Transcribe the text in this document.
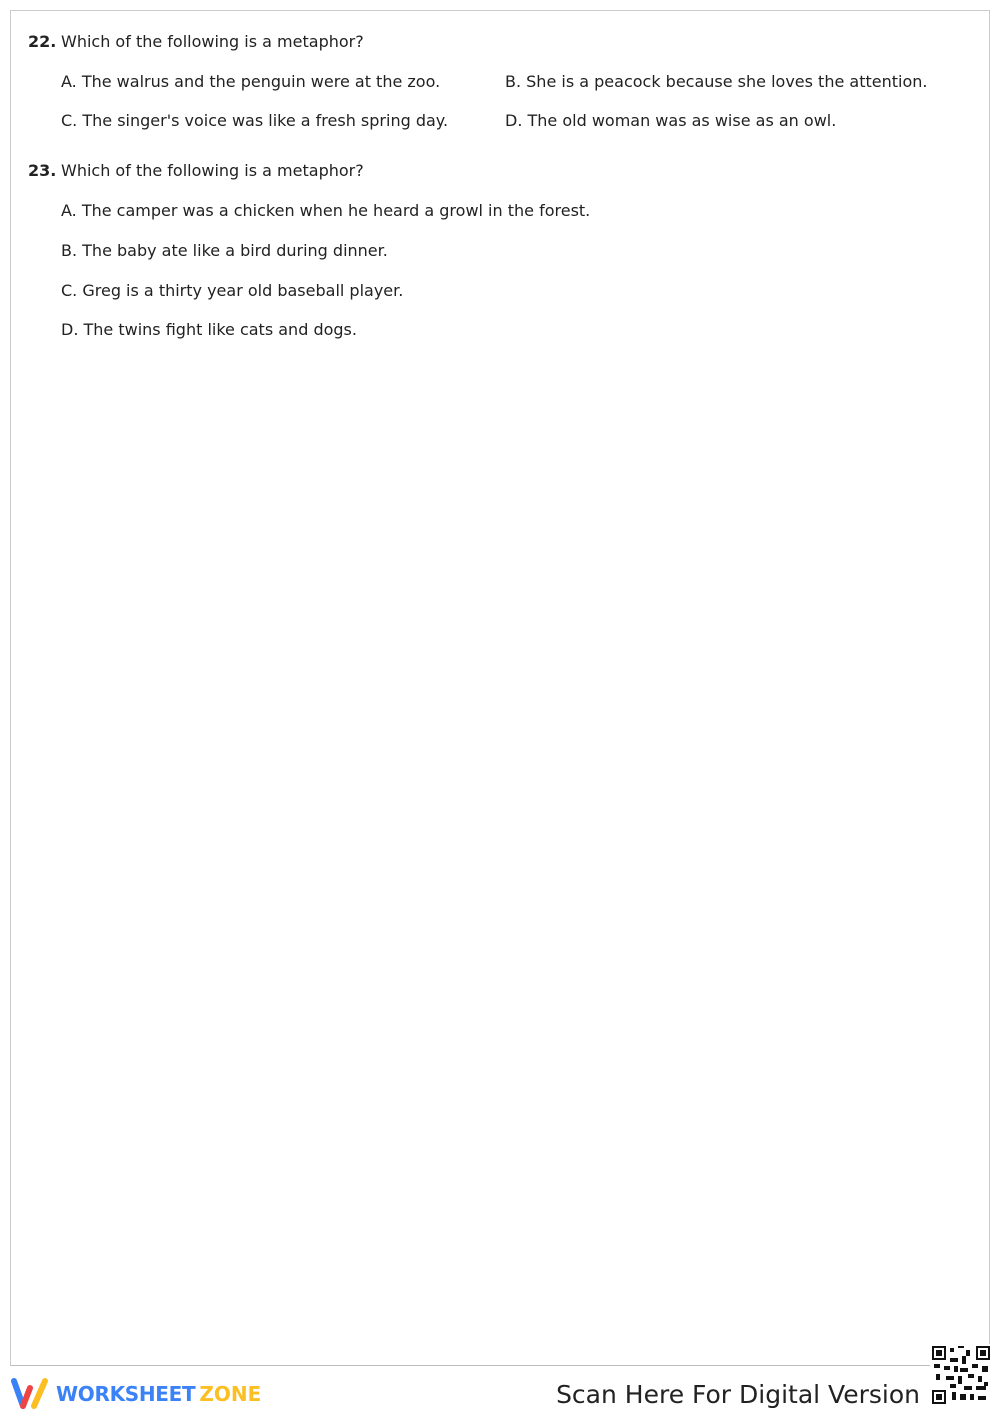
22. Which of the following is a metaphor?
A. The walrus and the penguin were at the zoo.	B. She is a peacock because she loves the attention.
C. The singer's voice was like a fresh spring day.	D. The old woman was as wise as an owl.
23. Which of the following is a metaphor?
A. The camper was a chicken when he heard a growl in the forest.
B. The baby ate like a bird during dinner.
C. Greg is a thirty year old baseball player.
D. The twins fight like cats and dogs.
WORKSHEET ZONE	Scan Here For Digital Version
